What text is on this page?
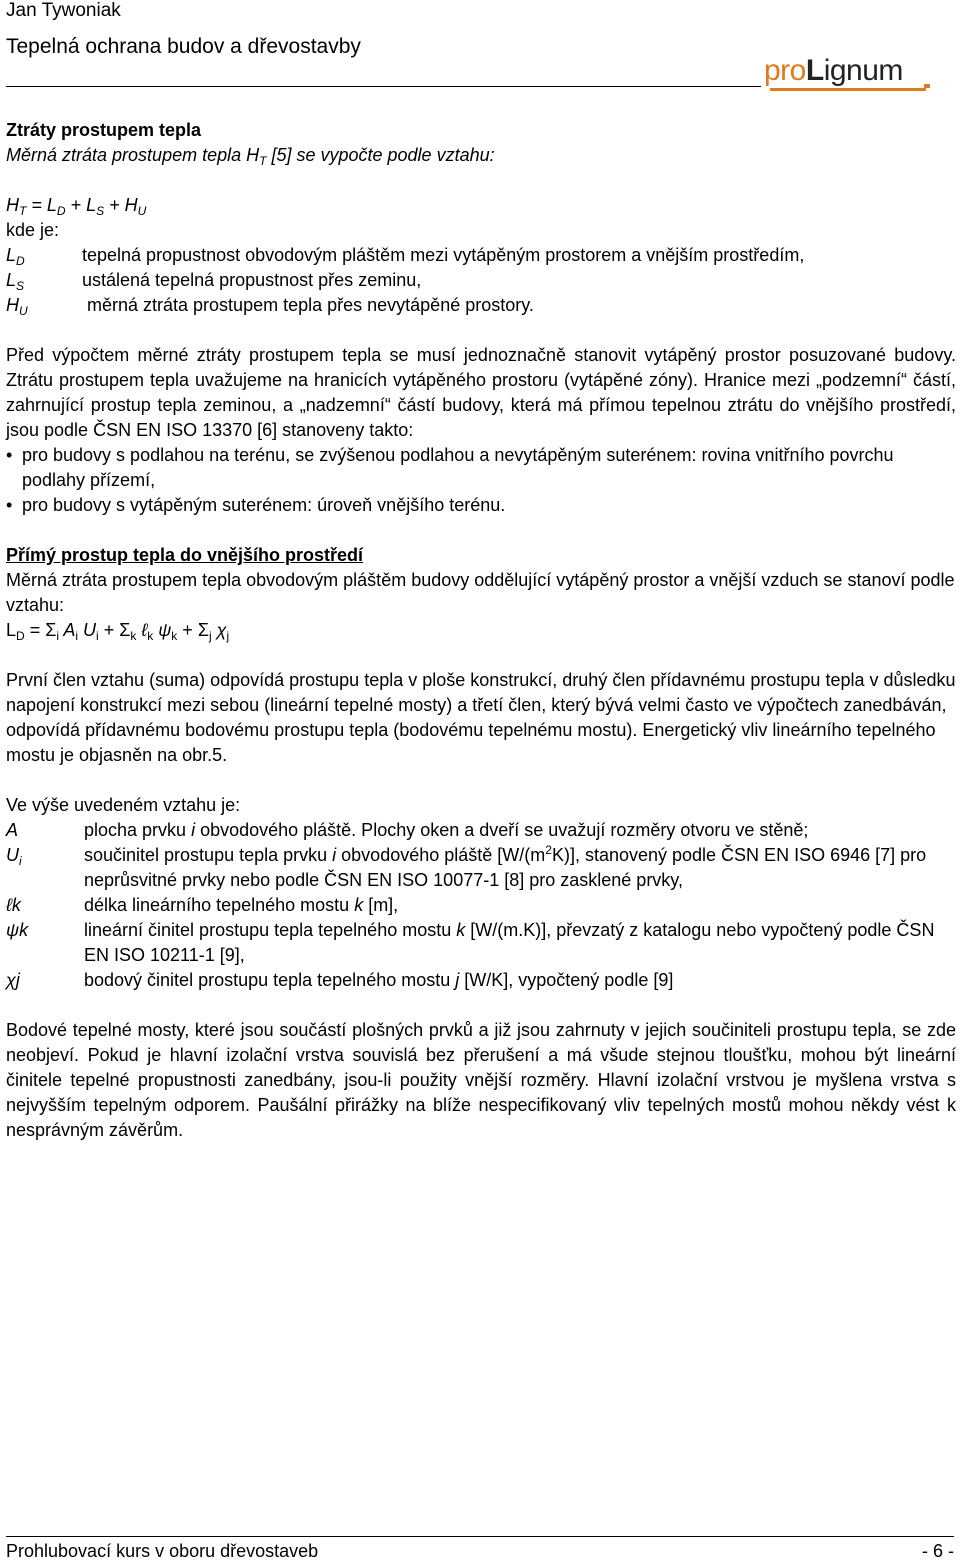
Jan Tywoniak
Tepelná ochrana budov a dřevostavby
proLignum

Ztráty prostupem tepla

Měrná ztráta prostupem tepla $H_T$ [5] se vypočte podle vztahu:

$H_T = L_D + L_S + H_U$

kde je:

$L_D$	tepelná propustnost obvodovým pláštěm mezi vytápěným prostorem a vnějším prostředím,
$L_S$	ustálená tepelná propustnost přes zeminu,
$H_U$	měrná ztráta prostupem tepla přes nevytápěné prostory.

Před výpočtem měrné ztráty prostupem tepla se musí jednoznačně stanovit vytápěný prostor posuzované budovy. Ztrátu prostupem tepla uvažujeme na hranicích vytápěného prostoru (vytápěné zóny). Hranice mezi „podzemní“ částí, zahrnující prostup tepla zeminou, a „nadzemní“ částí budovy, která má přímou tepelnou ztrátu do vnějšího prostředí, jsou podle ČSN EN ISO 13370 [6] stanoveny takto:

• pro budovy s podlahou na terénu, se zvýšenou podlahou a nevytápěným suterénem: rovina vnitřního povrchu podlahy přízemí,
• pro budovy s vytápěným suterénem: úroveň vnějšího terénu.

Přímý prostup tepla do vnějšího prostředí

Měrná ztráta prostupem tepla obvodovým pláštěm budovy oddělující vytápěný prostor a vnější vzduch se stanoví podle vztahu:

$L_D = \Sigma_i$ $A_i$ $U_i + \Sigma_k$ ℓ$_k$ $\psi_k + \Sigma_j$ $\chi_j$

První člen vztahu (suma) odpovídá prostupu tepla v ploše konstrukcí, druhý člen přídavnému prostupu tepla v důsledku napojení konstrukcí mezi sebou (lineární tepelné mosty) a třetí člen, který bývá velmi často ve výpočtech zanedbáván, odpovídá přídavnému bodovému prostupu tepla (bodovému tepelnému mostu). Energetický vliv lineárního tepelného mostu je objasněn na obr.5.

Ve výše uvedeném vztahu je:

A	plocha prvku i obvodového pláště. Plochy oken a dveří se uvažují rozměry otvoru ve stěně;
$U_i$	součinitel prostupu tepla prvku i obvodového pláště $[W/(m^2K)]$, stanovený podle ČSN EN ISO 6946 [7] pro neprůsvitné prvky nebo podle ČSN EN ISO 10077-1 [8] pro zasklené prvky,
ℓk	délka lineárního tepelného mostu k [m],
ψk	lineární činitel prostupu tepla tepelného mostu k [W/(m.K)], převzatý z katalogu nebo vypočtený podle ČSN EN ISO 10211-1 [9],
χj	bodový činitel prostupu tepla tepelného mostu j [W/K], vypočtený podle [9]

Bodové tepelné mosty, které jsou součástí plošných prvků a již jsou zahrnuty v jejich součiniteli prostupu tepla, se zde neobjeví. Pokud je hlavní izolační vrstva souvislá bez přerušení a má všude stejnou tloušťku, mohou být lineární činitele tepelné propustnosti zanedbány, jsou-li použity vnější rozměry. Hlavní izolační vrstvou je myšlena vrstva s nejvyšším tepelným odporem. Paušální přirážky na blíže nespecifikovaný vliv tepelných mostů mohou někdy vést k nesprávným závěrům.

Prohlubovací kurs v oboru dřevostaveb	- 6 -
